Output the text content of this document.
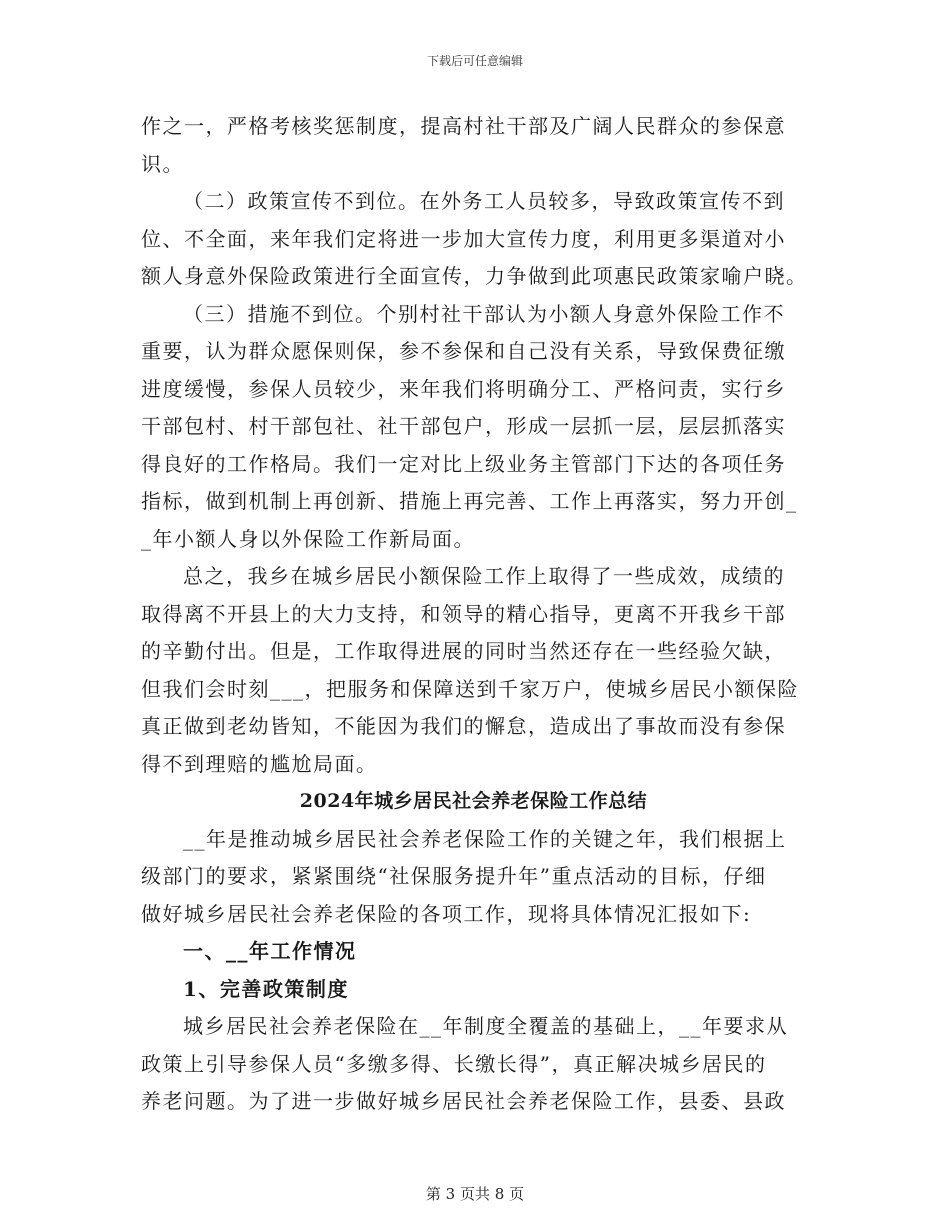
下载后可任意编辑
作之一，严格考核奖惩制度，提高村社干部及广阔人民群众的参保意
识。
（二）政策宣传不到位。在外务工人员较多，导致政策宣传不到
位、不全面，来年我们定将进一步加大宣传力度，利用更多渠道对小
额人身意外保险政策进行全面宣传，力争做到此项惠民政策家喻户晓。
（三）措施不到位。个别村社干部认为小额人身意外保险工作不
重要，认为群众愿保则保，参不参保和自己没有关系，导致保费征缴
进度缓慢，参保人员较少，来年我们将明确分工、严格问责，实行乡
干部包村、村干部包社、社干部包户，形成一层抓一层，层层抓落实
得良好的工作格局。我们一定对比上级业务主管部门下达的各项任务
指标，做到机制上再创新、措施上再完善、工作上再落实，努力开创_
_年小额人身以外保险工作新局面。
总之，我乡在城乡居民小额保险工作上取得了一些成效，成绩的
取得离不开县上的大力支持，和领导的精心指导，更离不开我乡干部
的辛勤付出。但是，工作取得进展的同时当然还存在一些经验欠缺，
但我们会时刻___，把服务和保障送到千家万户，使城乡居民小额保险
真正做到老幼皆知，不能因为我们的懈怠，造成出了事故而没有参保
得不到理赔的尴尬局面。
2024年城乡居民社会养老保险工作总结
__年是推动城乡居民社会养老保险工作的关键之年，我们根据上
级部门的要求，紧紧围绕“社保服务提升年”重点活动的目标，仔细
做好城乡居民社会养老保险的各项工作，现将具体情况汇报如下:
一、__年工作情况
1、完善政策制度
城乡居民社会养老保险在__年制度全覆盖的基础上，__年要求从
政策上引导参保人员“多缴多得、长缴长得”，真正解决城乡居民的
养老问题。为了进一步做好城乡居民社会养老保险工作，县委、县政
第 3 页共 8 页
